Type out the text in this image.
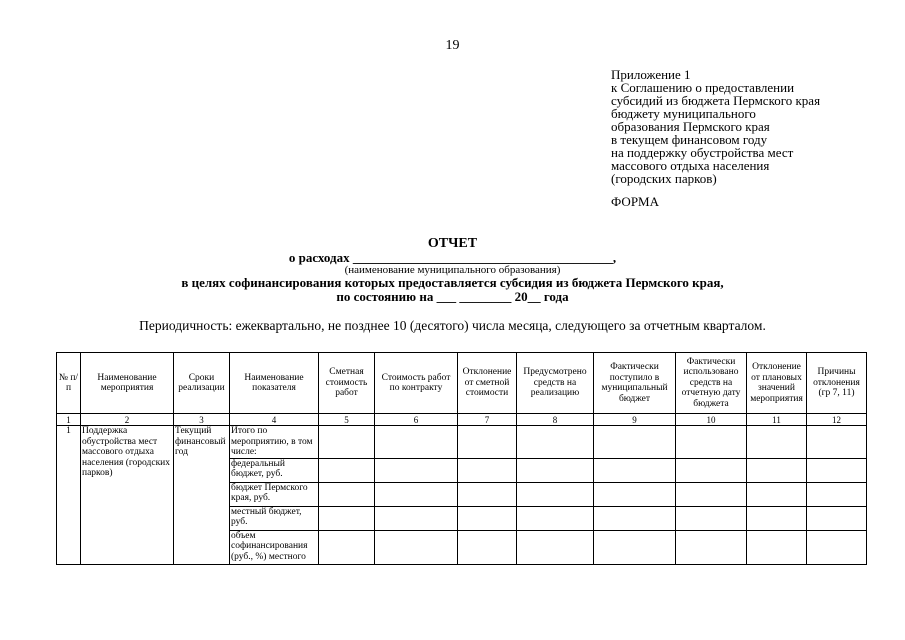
19
Приложение 1
к Соглашению о предоставлении
субсидий из бюджета Пермского края
бюджету муниципального
образования Пермского края
в текущем финансовом году
на поддержку обустройства мест
массового отдыха населения
(городских парков)
ФОРМА
ОТЧЕТ
о расходах ________________________________________,
(наименование муниципального образования)
в целях софинансирования которых предоставляется субсидия из бюджета Пермского края,
по состоянию на ___ ________ 20__ года
Периодичность: ежеквартально, не позднее 10 (десятого) числа месяца, следующего за отчетным кварталом.
№ п/п	Наименование мероприятия	Сроки реализации	Наименование показателя	Сметная стоимость работ	Стоимость работ по контракту	Отклонение от сметной стоимости	Предусмотрено средств на реализацию	Фактически поступило в муниципальный бюджет	Фактически использовано средств на отчетную дату бюджета	Отклонение от плановых значений мероприятия	Причины отклонения (гр 7, 11)
1	2	3	4	5	6	7	8	9	10	11	12
1	Поддержка обустройства мест массового отдыха населения (городских парков)	Текущий финансовый год	Итого по мероприятию, в том числе:								
			федеральный бюджет, руб.								
			бюджет Пермского края, руб.								
			местный бюджет, руб.								
			объем софинансирования (руб., %) местного								
